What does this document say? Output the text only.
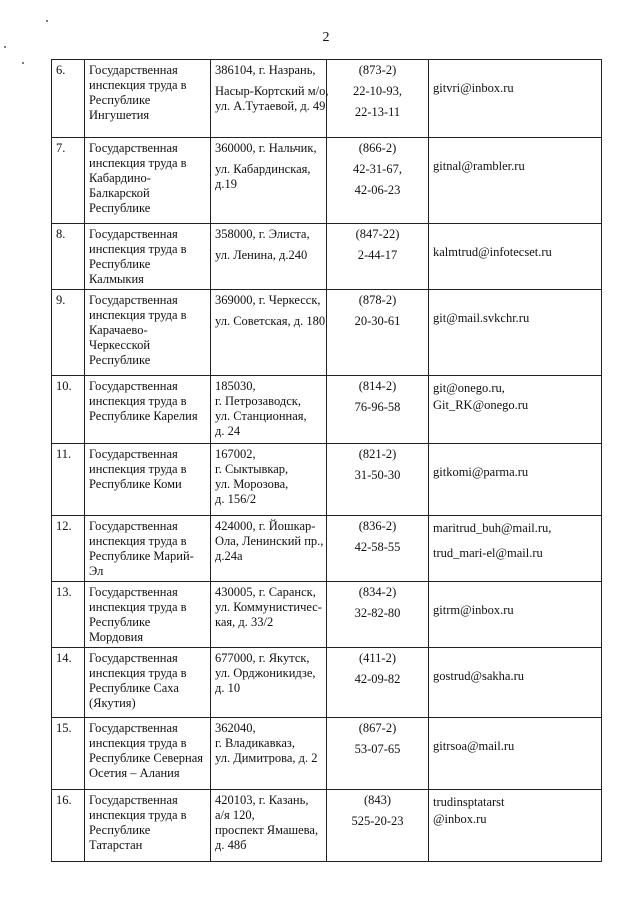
2
6.	Государственная инспекция труда в Республике Ингушетия	386104, г. Назрань,

Насыр-Кортский м/о,
ул. А.Тутаевой, д. 49	(873-2)

22-10-93,

22-13-11	gitvri@inbox.ru

7.	Государственная инспекция труда в Кабардино-Балкарской Республике	360000, г. Нальчик,

ул. Кабардинская,
д.19	(866-2)

42-31-67,

42-06-23	gitnal@rambler.ru

8.	Государственная инспекция труда в Республике Калмыкия	358000, г. Элиста,

ул. Ленина, д.240	(847-22)

2-44-17	kalmtrud@infotecset.ru

9.	Государственная инспекция труда в Карачаево-Черкесской Республике	369000, г. Черкесск,

ул. Советская, д. 180	(878-2)

20-30-61	git@mail.svkchr.ru

10.	Государственная инспекция труда в Республике Карелия	185030,
г. Петрозаводск,
ул. Станционная,
д. 24	(814-2)

76-96-58	git@onego.ru,
Git_RK@onego.ru

11.	Государственная инспекция труда в Республике Коми	167002,
г. Сыктывкар,
ул. Морозова,
д. 156/2	(821-2)

31-50-30	gitkomi@parma.ru

12.	Государственная инспекция труда в Республике Марий-Эл	424000, г. Йошкар-
Ола, Ленинский пр.,
д.24а	(836-2)

42-58-55	maritrud_buh@mail.ru,

trud_mari-el@mail.ru

13.	Государственная инспекция труда в Республике Мордовия	430005, г. Саранск,
ул. Коммунистичес-
кая, д. 33/2	(834-2)

32-82-80	gitrm@inbox.ru

14.	Государственная инспекция труда в Республике Саха (Якутия)	677000, г. Якутск,
ул. Орджоникидзе,
д. 10	(411-2)

42-09-82	gostrud@sakha.ru

15.	Государственная инспекция труда в Республике Северная Осетия – Алания	362040,
г. Владикавказ,
ул. Димитрова, д. 2	(867-2)

53-07-65	gitrsoa@mail.ru

16.	Государственная инспекция труда в Республике Татарстан	420103, г. Казань,
а/я 120,
проспект Ямашева,
д. 48б	(843)

525-20-23	trudinsptatarst
@inbox.ru
